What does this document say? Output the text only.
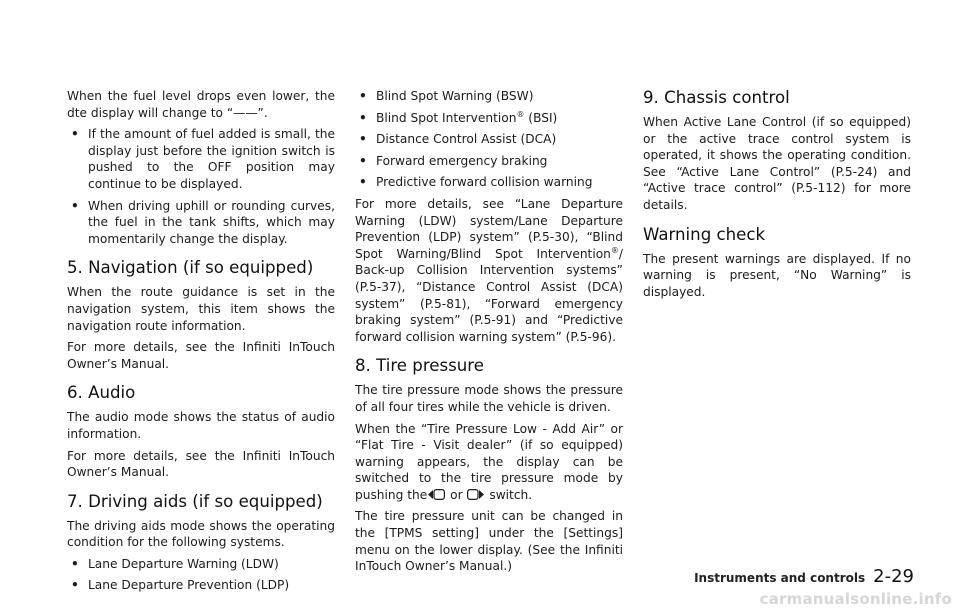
When the fuel level drops even lower, the dte display will change to “——”.

• If the amount of fuel added is small, the display just before the ignition switch is pushed to the OFF position may continue to be displayed.
• When driving uphill or rounding curves, the fuel in the tank shifts, which may momentarily change the display.
5. Navigation (if so equipped)

When the route guidance is set in the navigation system, this item shows the navigation route information.

For more details, see the Infiniti InTouch Owner’s Manual.

6. Audio

The audio mode shows the status of audio information.

For more details, see the Infiniti InTouch Owner’s Manual.

7. Driving aids (if so equipped)

The driving aids mode shows the operating condition for the following systems.

• Lane Departure Warning (LDW)
• Lane Departure Prevention (LDP)
• Blind Spot Warning (BSW)
• Blind Spot Intervention® (BSI)
• Distance Control Assist (DCA)
• Forward emergency braking
• Predictive forward collision warning

For more details, see “Lane Departure Warning (LDW) system/Lane Departure Prevention (LDP) system” (P.5-30), “Blind Spot Warning/Blind Spot Intervention®/ Back-up Collision Intervention systems” (P.5-37), “Distance Control Assist (DCA) system” (P.5-81), “Forward emergency braking system” (P.5-91) and “Predictive forward collision warning system” (P.5-96).

8. Tire pressure

The tire pressure mode shows the pressure of all four tires while the vehicle is driven.

When the “Tire Pressure Low - Add Air” or “Flat Tire - Visit dealer” (if so equipped) warning appears, the display can be switched to the tire pressure mode by pushing the or  switch.

The tire pressure unit can be changed in the [TPMS setting] under the [Settings] menu on the lower display. (See the Infiniti InTouch Owner’s Manual.)

9. Chassis control

When Active Lane Control (if so equipped) or the active trace control system is operated, it shows the operating condition. See “Active Lane Control” (P.5-24) and “Active trace control” (P.5-112) for more details.

Warning check

The present warnings are displayed. If no warning is present, “No Warning” is displayed.

Instruments and controls 2-29
carmanualsonline.info
